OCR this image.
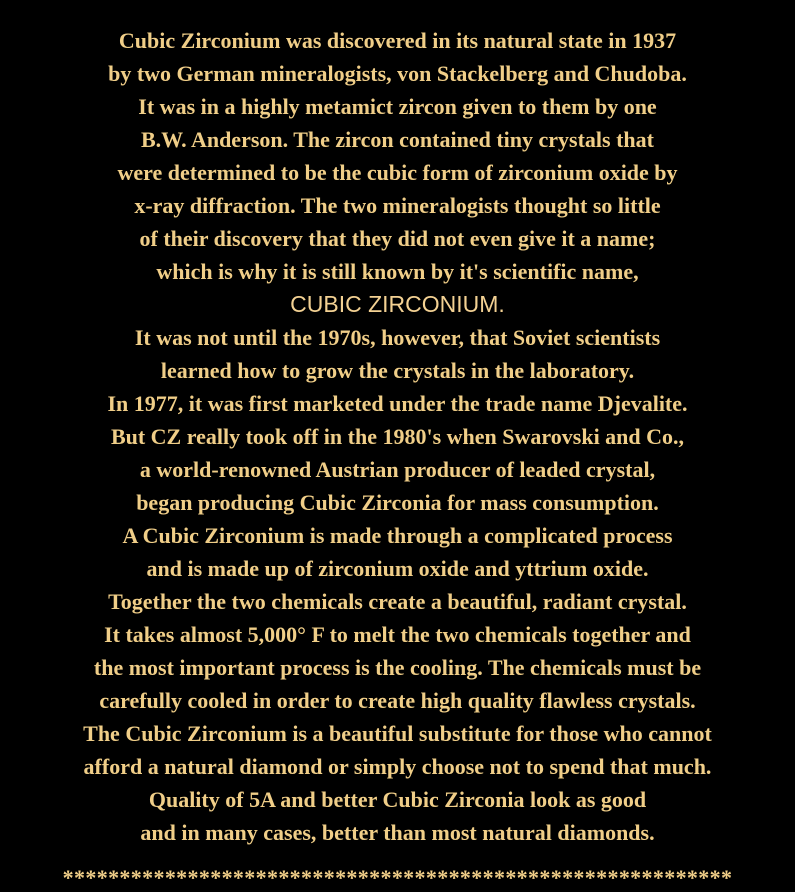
Cubic Zirconium was discovered in its natural state in 1937
by two German mineralogists, von Stackelberg and Chudoba.
It was in a highly metamict zircon given to them by one
B.W. Anderson. The zircon contained tiny crystals that
were determined to be the cubic form of zirconium oxide by
x-ray diffraction. The two mineralogists thought so little
of their discovery that they did not even give it a name;
which is why it is still known by it's scientific name,
CUBIC ZIRCONIUM.
It was not until the 1970s, however, that Soviet scientists
learned how to grow the crystals in the laboratory.
In 1977, it was first marketed under the trade name Djevalite.
But CZ really took off in the 1980's when Swarovski and Co.,
a world-renowned Austrian producer of leaded crystal,
began producing Cubic Zirconia for mass consumption.
A Cubic Zirconium is made through a complicated process
and is made up of zirconium oxide and yttrium oxide.
Together the two chemicals create a beautiful, radiant crystal.
It takes almost 5,000° F to melt the two chemicals together and
the most important process is the cooling. The chemicals must be
carefully cooled in order to create high quality flawless crystals.
The Cubic Zirconium is a beautiful substitute for those who cannot
afford a natural diamond or simply choose not to spend that much.
Quality of 5A and better Cubic Zirconia look as good
and in many cases, better than most natural diamonds.
***********************************************************
